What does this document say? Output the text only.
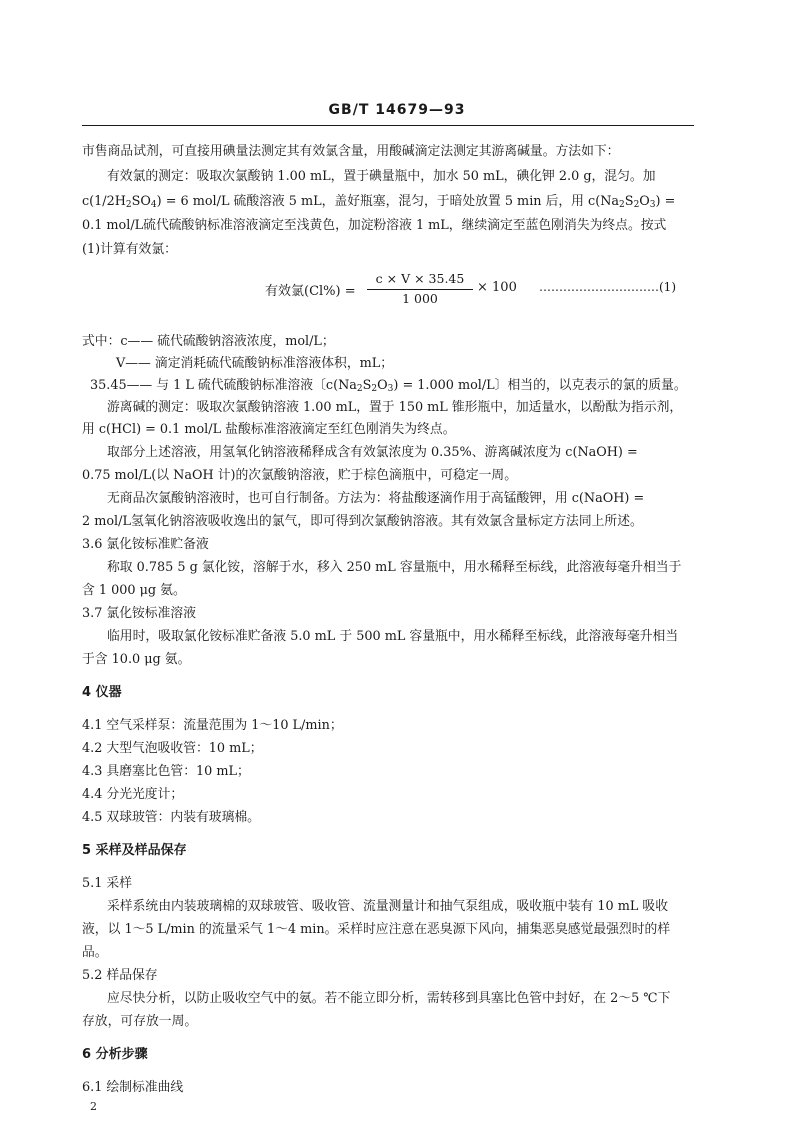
GB/T 14679—93
市售商品试剂，可直接用碘量法测定其有效氯含量，用酸碱滴定法测定其游离碱量。方法如下：
有效氯的测定：吸取次氯酸钠 1.00 mL，置于碘量瓶中，加水 50 mL，碘化钾 2.0 g，混匀。加
$c(1/2H_2SO_4) = 6$ mol/L 硫酸溶液 5 mL，盖好瓶塞，混匀，于暗处放置 5 min 后，用 $c(Na_2S_2O_3)$ =
0.1 mol/L硫代硫酸钠标准溶液滴定至浅黄色，加淀粉溶液 1 mL，继续滴定至蓝色刚消失为终点。按式
(1)计算有效氯：
有效氯(Cl%) =
c × V × 35.45
1 000
× 100 …………………………(1)
式中：c—— 硫代硫酸钠溶液浓度，mol/L；
V—— 滴定消耗硫代硫酸钠标准溶液体积，mL；
35.45—— 与 1 L 硫代硫酸钠标准溶液〔$c(Na_2S_2O_3) = 1.000$ mol/L〕相当的，以克表示的氯的质量。
游离碱的测定：吸取次氯酸钠溶液 1.00 mL，置于 150 mL 锥形瓶中，加适量水，以酚酞为指示剂，
用 c(HCl) = 0.1 mol/L 盐酸标准溶液滴定至红色刚消失为终点。
取部分上述溶液，用氢氧化钠溶液稀释成含有效氯浓度为 0.35%、游离碱浓度为 c(NaOH) =
0.75 mol/L(以 NaOH 计)的次氯酸钠溶液，贮于棕色滴瓶中，可稳定一周。
无商品次氯酸钠溶液时，也可自行制备。方法为：将盐酸逐滴作用于高锰酸钾，用 c(NaOH) =
2 mol/L氢氧化钠溶液吸收逸出的氯气，即可得到次氯酸钠溶液。其有效氯含量标定方法同上所述。
3.6 氯化铵标准贮备液
称取 0.785 5 g 氯化铵，溶解于水，移入 250 mL 容量瓶中，用水稀释至标线，此溶液每毫升相当于
含 1 000 μg 氨。
3.7 氯化铵标准溶液
临用时，吸取氯化铵标准贮备液 5.0 mL 于 500 mL 容量瓶中，用水稀释至标线，此溶液每毫升相当
于含 10.0 μg 氨。
4 仪器
4.1 空气采样泵：流量范围为 1～10 L/min；
4.2 大型气泡吸收管：10 mL；
4.3 具磨塞比色管：10 mL；
4.4 分光光度计；
4.5 双球玻管：内装有玻璃棉。
5 采样及样品保存
5.1 采样
采样系统由内装玻璃棉的双球玻管、吸收管、流量测量计和抽气泵组成，吸收瓶中装有 10 mL 吸收
液，以 1～5 L/min 的流量采气 1～4 min。采样时应注意在恶臭源下风向，捕集恶臭感觉最强烈时的样
品。
5.2 样品保存
应尽快分析，以防止吸收空气中的氨。若不能立即分析，需转移到具塞比色管中封好，在 2～5 ℃下
存放，可存放一周。
6 分析步骤
6.1 绘制标准曲线
2
